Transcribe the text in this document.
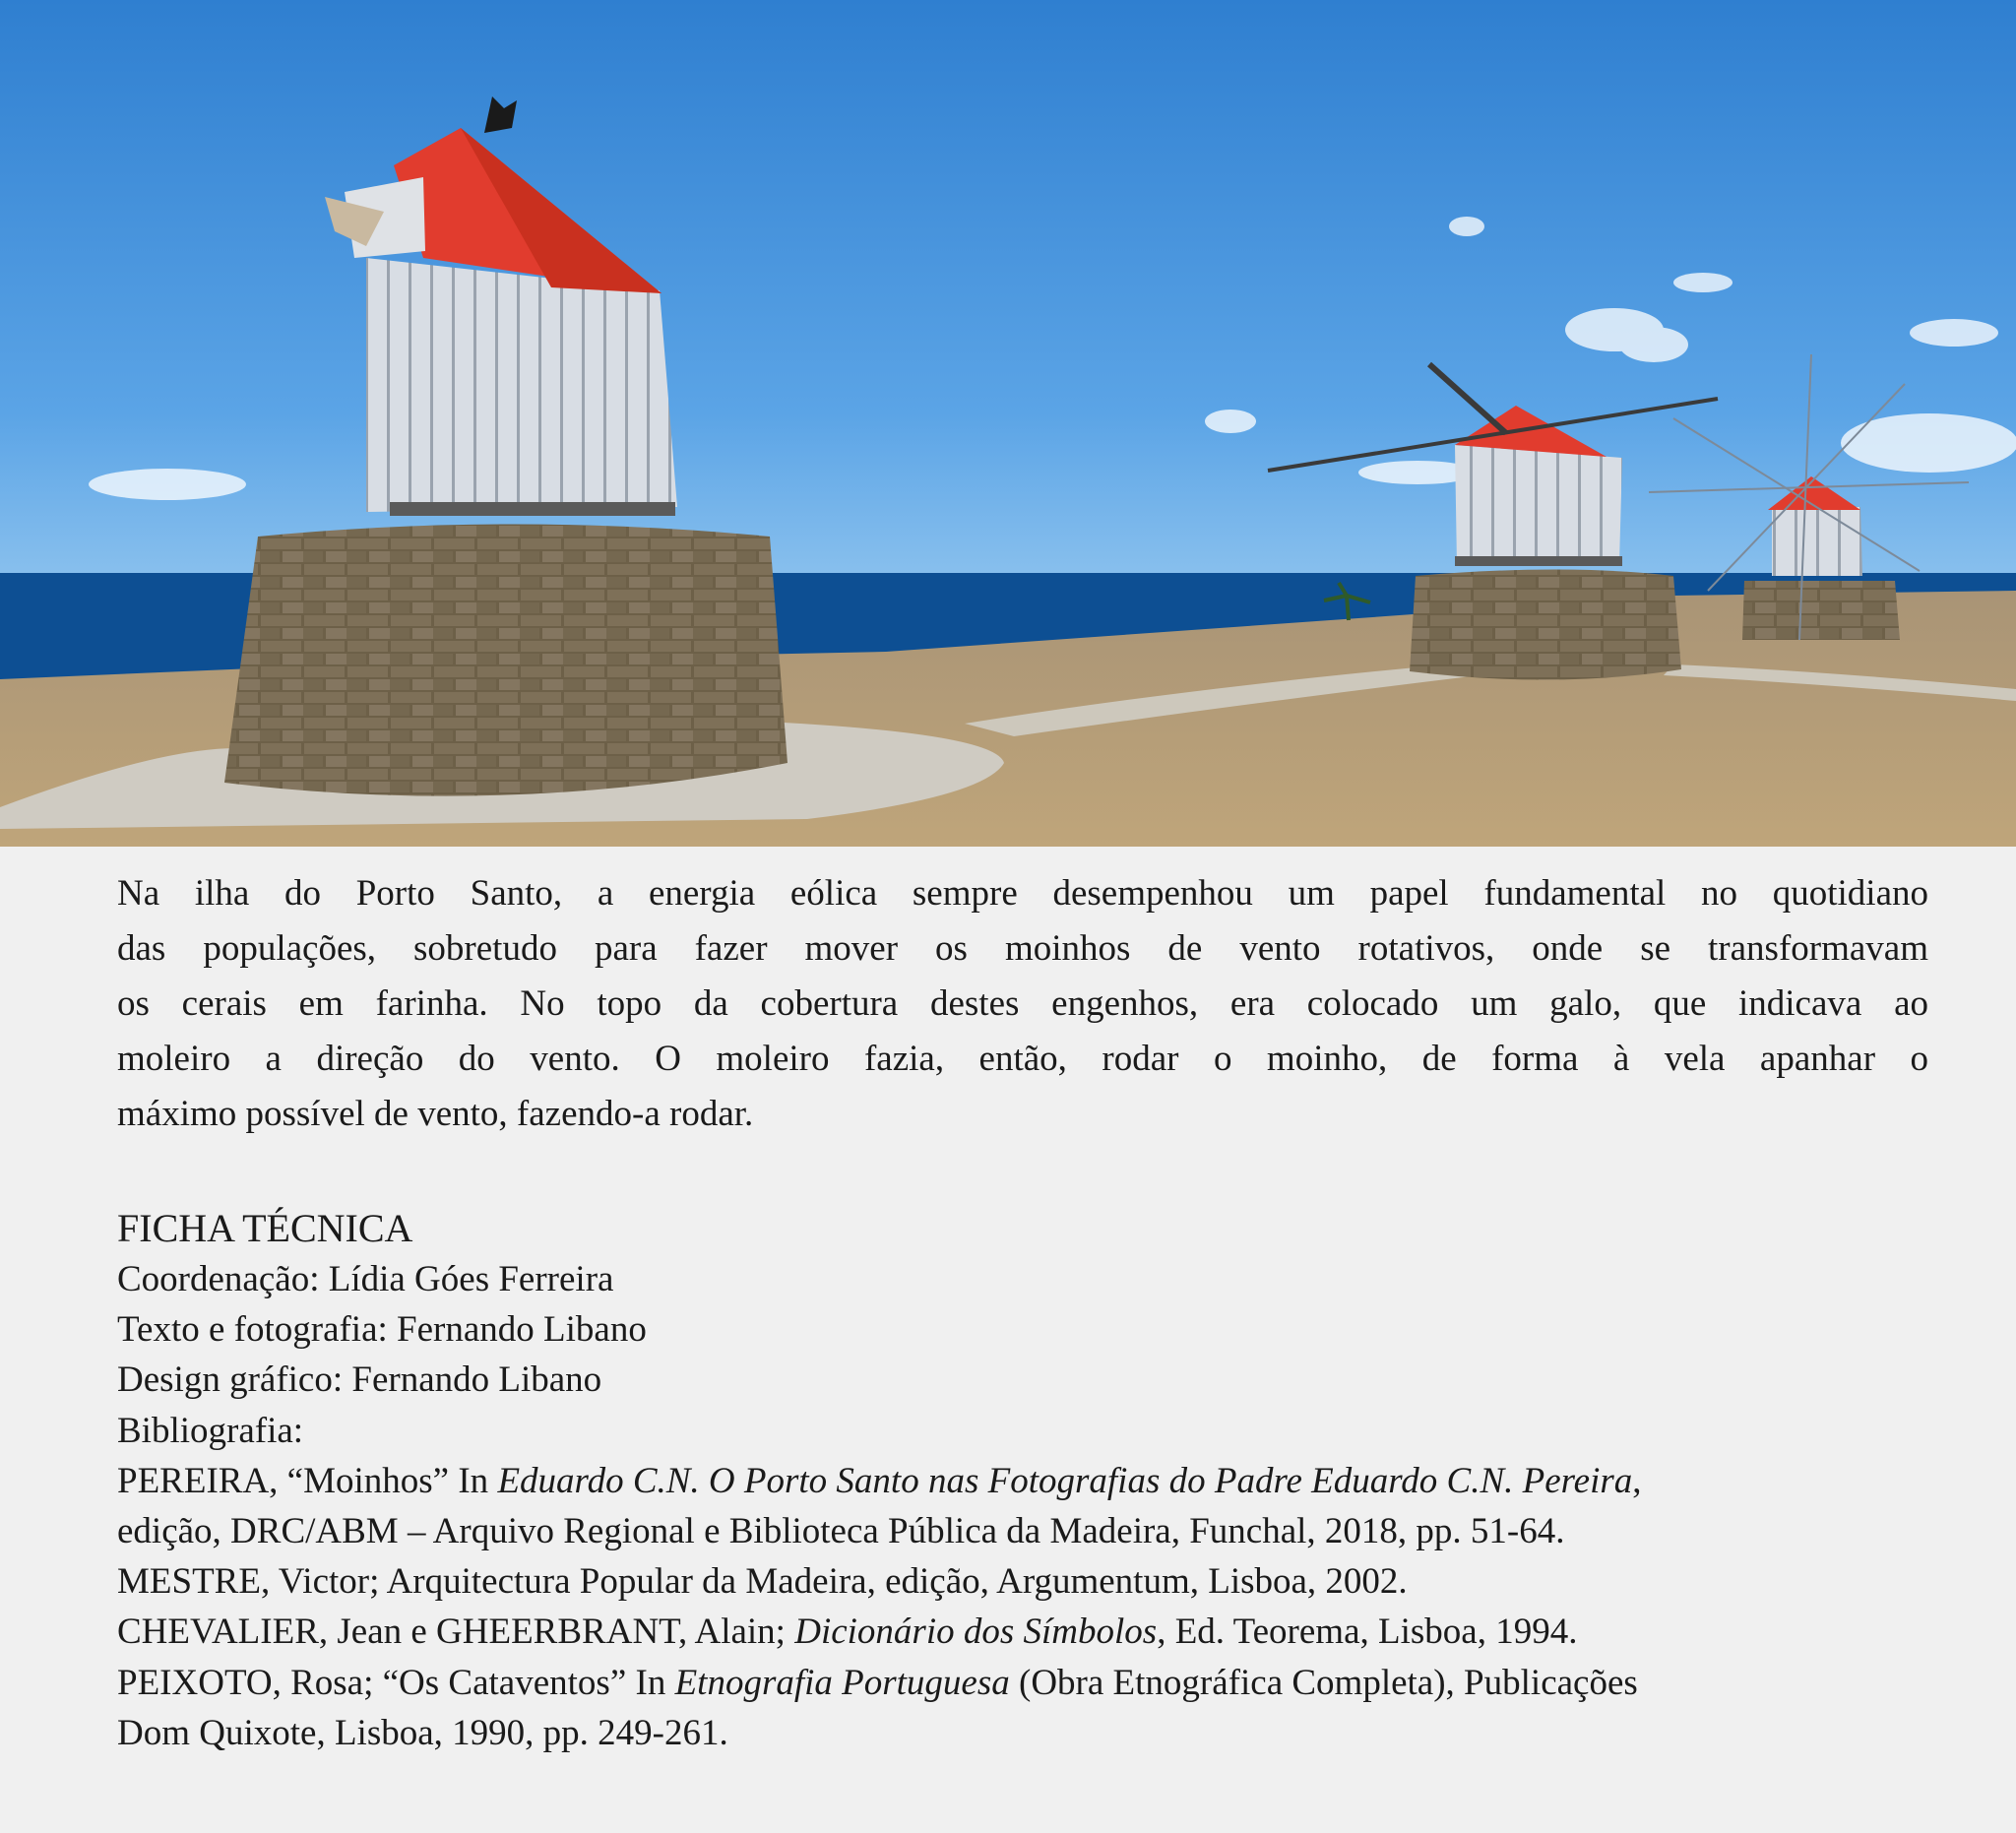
Na ilha do Porto Santo, a energia eólica sempre desempenhou um papel fundamental no quotidiano
das populações, sobretudo para fazer mover os moinhos de vento rotativos, onde se transformavam
os cerais em farinha. No topo da cobertura destes engenhos, era colocado um galo, que indicava ao
moleiro a direção do vento. O moleiro fazia, então, rodar o moinho, de forma à vela apanhar o
máximo possível de vento, fazendo-a rodar.

FICHA TÉCNICA
Coordenação: Lídia Góes Ferreira
Texto e fotografia: Fernando Libano
Design gráfico: Fernando Libano
Bibliografia:
PEREIRA, “Moinhos” In Eduardo C.N. O Porto Santo nas Fotografias do Padre Eduardo C.N. Pereira,
edição, DRC/ABM – Arquivo Regional e Biblioteca Pública da Madeira, Funchal, 2018, pp. 51-64.
MESTRE, Victor; Arquitectura Popular da Madeira, edição, Argumentum, Lisboa, 2002.
CHEVALIER, Jean e GHEERBRANT, Alain; Dicionário dos Símbolos, Ed. Teorema, Lisboa, 1994.
PEIXOTO, Rosa; “Os Cataventos” In Etnografia Portuguesa (Obra Etnográfica Completa), Publicações
Dom Quixote, Lisboa, 1990, pp. 249-261.
